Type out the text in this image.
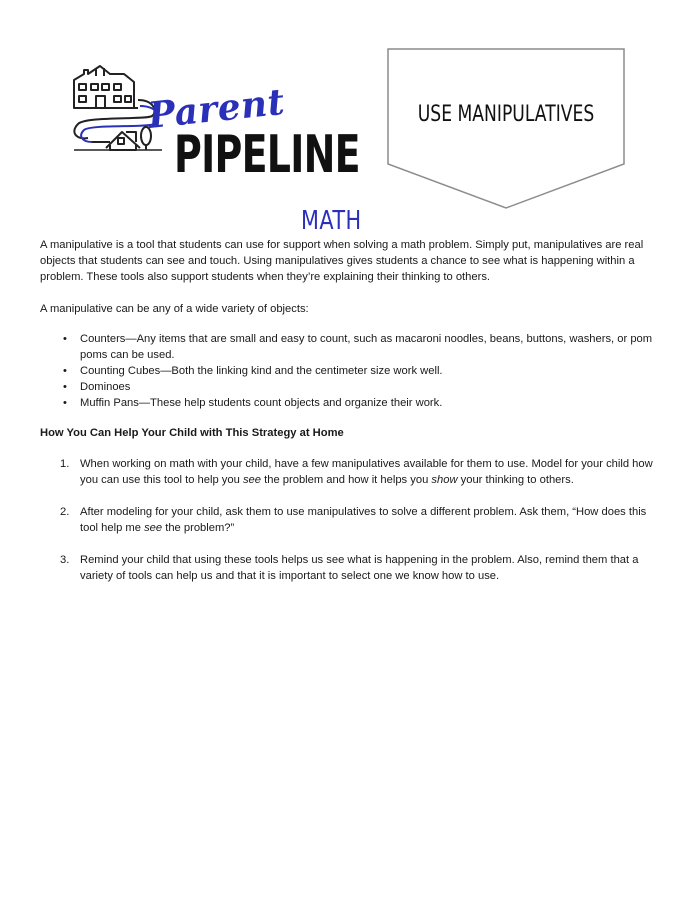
Parent
PIPELINE
MATH
USE MANIPULATIVES

A manipulative is a tool that students can use for support when solving a math problem. Simply put, manipulatives are real objects that students can see and touch. Using manipulatives gives students a chance to see what is happening within a problem. These tools also support students when they’re explaining their thinking to others.

A manipulative can be any of a wide variety of objects:

• Counters—Any items that are small and easy to count, such as macaroni noodles, beans, buttons, washers, or pom poms can be used.
• Counting Cubes—Both the linking kind and the centimeter size work well.
• Dominoes
• Muffin Pans—These help students count objects and organize their work.

How You Can Help Your Child with This Strategy at Home

1. When working on math with your child, have a few manipulatives available for them to use. Model for your child how you can use this tool to help you see the problem and how it helps you show your thinking to others.
2. After modeling for your child, ask them to use manipulatives to solve a different problem. Ask them, “How does this tool help me see the problem?”
3. Remind your child that using these tools helps us see what is happening in the problem. Also, remind them that a variety of tools can help us and that it is important to select one we know how to use.
